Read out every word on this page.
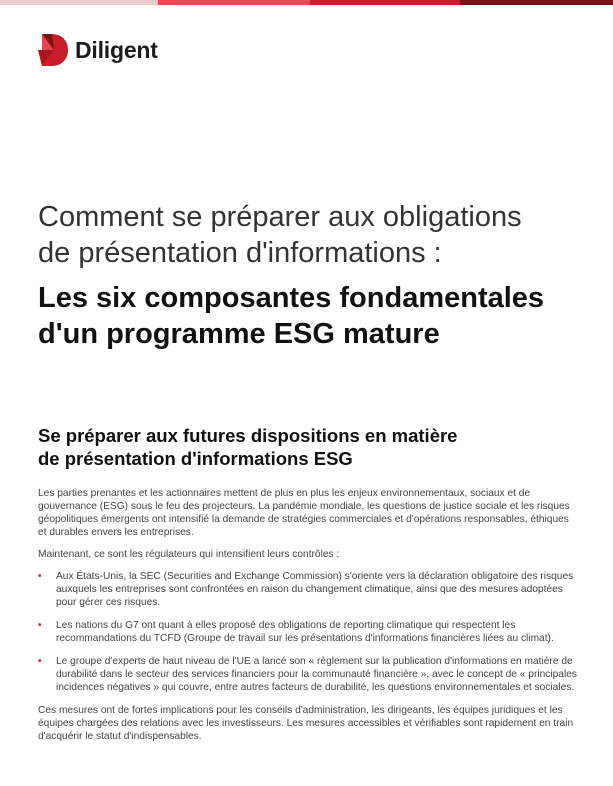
Diligent
Comment se préparer aux obligations
de présentation d'informations :
Les six composantes fondamentales
d'un programme ESG mature
Se préparer aux futures dispositions en matière
de présentation d'informations ESG

Les parties prenantes et les actionnaires mettent de plus en plus les enjeux environnementaux, sociaux et de gouvernance (ESG) sous le feu des projecteurs. La pandémie mondiale, les questions de justice sociale et les risques géopolitiques émergents ont intensifié la demande de stratégies commerciales et d'opérations responsables, éthiques et durables envers les entreprises.

Maintenant, ce sont les régulateurs qui intensifient leurs contrôles :

• Aux États-Unis, la SEC (Securities and Exchange Commission) s'oriente vers la déclaration obligatoire des risques auxquels les entreprises sont confrontées en raison du changement climatique, ainsi que des mesures adoptées pour gérer ces risques.
• Les nations du G7 ont quant à elles proposé des obligations de reporting climatique qui respectent les recommandations du TCFD (Groupe de travail sur les présentations d'informations financières liées au climat).
• Le groupe d'experts de haut niveau de l'UE a lancé son « règlement sur la publication d'informations en matière de durabilité dans le secteur des services financiers pour la communauté financière », avec le concept de « principales incidences négatives » qui couvre, entre autres facteurs de durabilité, les questions environnementales et sociales.

Ces mesures ont de fortes implications pour les conseils d'administration, les dirigeants, les équipes juridiques et les équipes chargées des relations avec les investisseurs. Les mesures accessibles et vérifiables sont rapidement en train d'acquérir le statut d'indispensables.
